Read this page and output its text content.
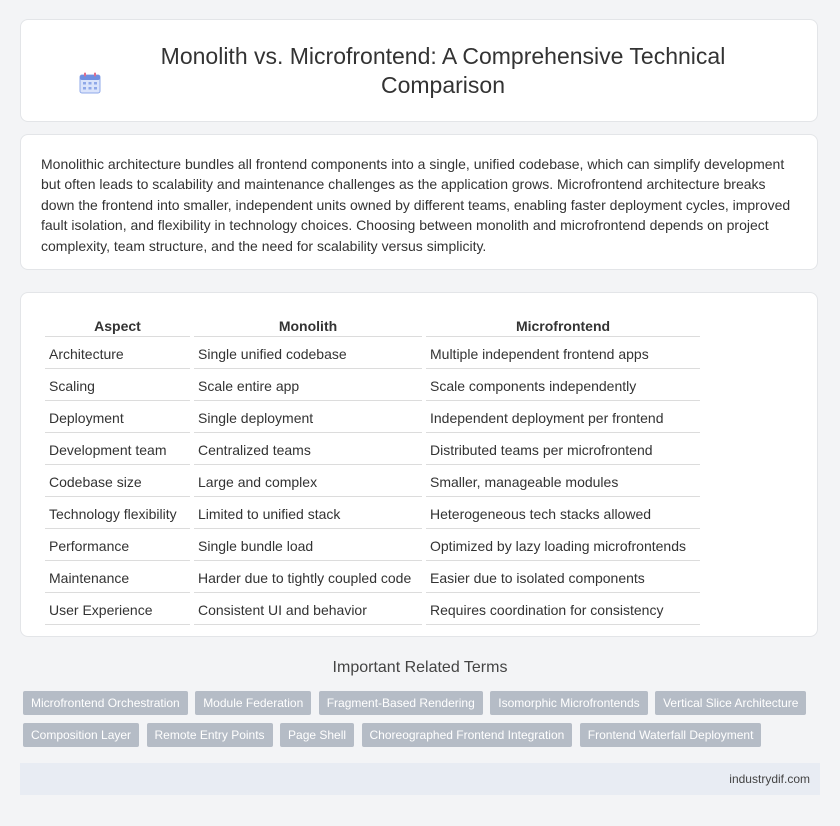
Monolith vs. Microfrontend: A Comprehensive Technical Comparison

Monolithic architecture bundles all frontend components into a single, unified codebase, which can simplify development but often leads to scalability and maintenance challenges as the application grows. Microfrontend architecture breaks down the frontend into smaller, independent units owned by different teams, enabling faster deployment cycles, improved fault isolation, and flexibility in technology choices. Choosing between monolith and microfrontend depends on project complexity, team structure, and the need for scalability versus simplicity.

Aspect	Monolith	Microfrontend
Architecture	Single unified codebase	Multiple independent frontend apps
Scaling	Scale entire app	Scale components independently
Deployment	Single deployment	Independent deployment per frontend
Development team	Centralized teams	Distributed teams per microfrontend
Codebase size	Large and complex	Smaller, manageable modules
Technology flexibility	Limited to unified stack	Heterogeneous tech stacks allowed
Performance	Single bundle load	Optimized by lazy loading microfrontends
Maintenance	Harder due to tightly coupled code	Easier due to isolated components
User Experience	Consistent UI and behavior	Requires coordination for consistency
Important Related Terms
Microfrontend Orchestration Module Federation Fragment-Based Rendering Isomorphic Microfrontends Vertical Slice Architecture
Composition Layer Remote Entry Points Page Shell Choreographed Frontend Integration Frontend Waterfall Deployment
industrydif.com
